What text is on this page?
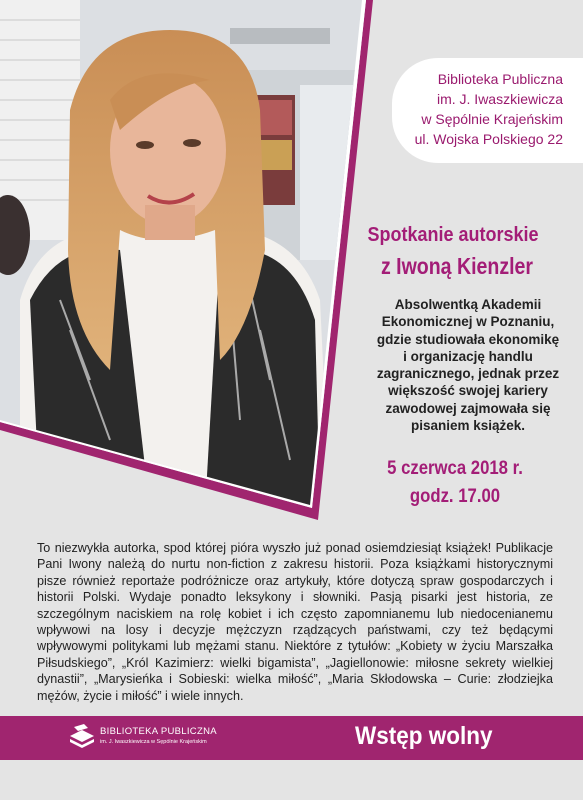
Biblioteka Publiczna
im. J. Iwaszkiewicza
w Sępólnie Krajeńskim
ul. Wojska Polskiego 22
Spotkanie autorskie
z Iwoną Kienzler
Absolwentką Akademii
Ekonomicznej w Poznaniu,
gdzie studiowała ekonomikę
i organizację handlu
zagranicznego, jednak przez
większość swojej kariery
zawodowej zajmowała się
pisaniem książek.
5 czerwca 2018 r.
godz. 17.00
To niezwykła autorka, spod której pióra wyszło już ponad osiemdziesiąt książek! Publikacje Pani Iwony należą do nurtu non-fiction z zakresu historii. Poza książkami historycznymi pisze również reportaże podróżnicze oraz artykuły, które dotyczą spraw gospodarczych i historii Polski. Wydaje ponadto leksykony i słowniki. Pasją pisarki jest historia, ze szczególnym naciskiem na rolę kobiet i ich często zapomnianemu lub niedocenianemu wpływowi na losy i decyzje mężczyzn rządzących państwami, czy też będącymi wpływowymi politykami lub mężami stanu. Niektóre z tytułów: „Kobiety w życiu Marszałka Piłsudskiego”, „Król Kazimierz: wielki bigamista”, „Jagiellonowie: miłosne sekrety wielkiej dynastii”, „Marysieńka i Sobieski: wielka miłość”, „Maria Skłodowska – Curie: złodziejka mężów, życie i miłość” i wiele innych.
BIBLIOTEKA PUBLICZNA
im. J. Iwaszkiewicza w Sępólnie Krajeńskim	Wstęp wolny
